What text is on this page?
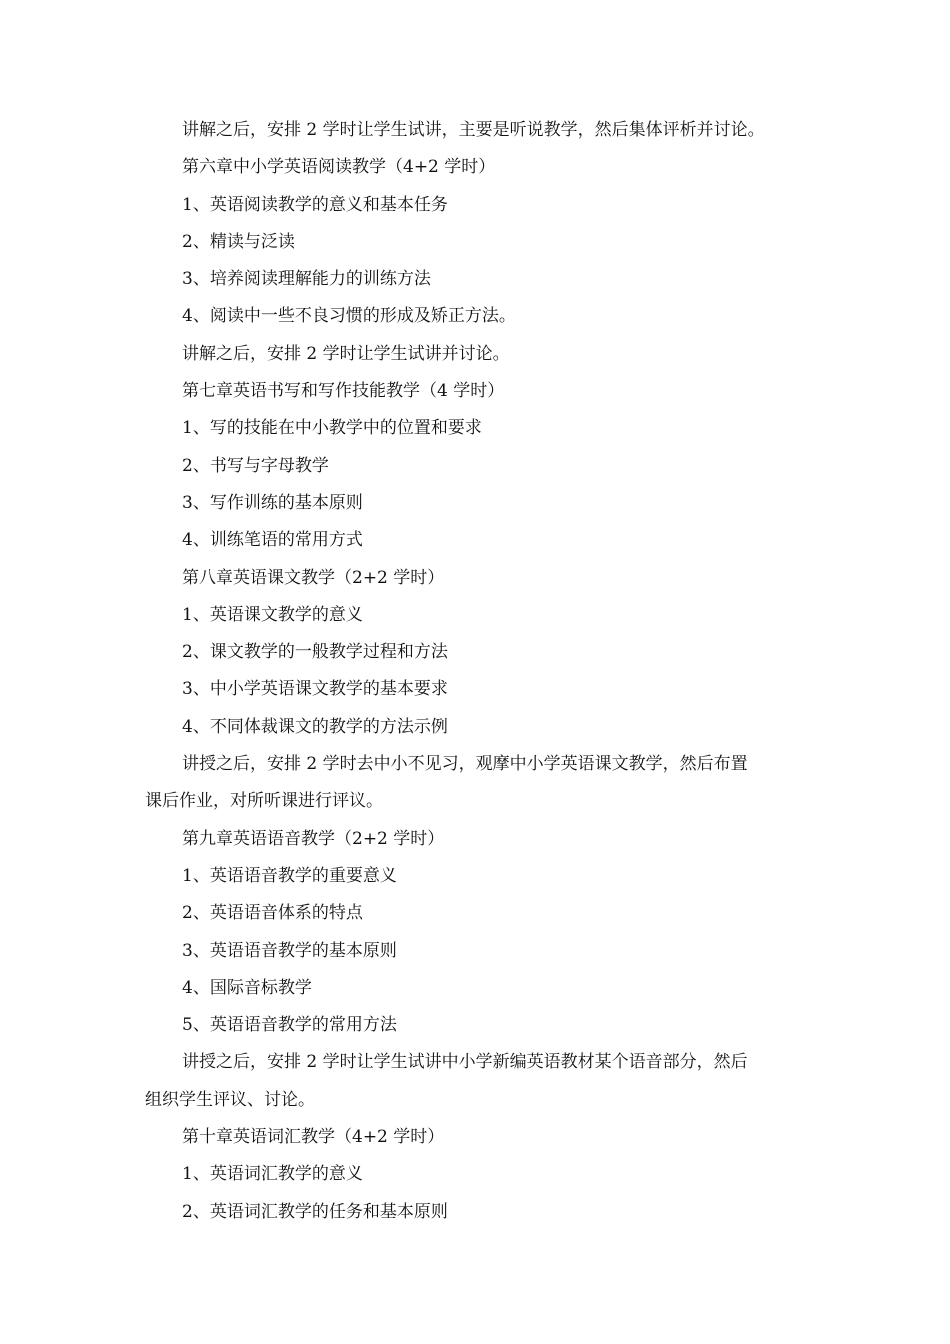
讲解之后，安排 2 学时让学生试讲，主要是听说教学，然后集体评析并讨论。
第六章中小学英语阅读教学（4+2 学时）
1、英语阅读教学的意义和基本任务
2、精读与泛读
3、培养阅读理解能力的训练方法
4、阅读中一些不良习惯的形成及矫正方法。
讲解之后，安排 2 学时让学生试讲并讨论。
第七章英语书写和写作技能教学（4 学时）
1、写的技能在中小教学中的位置和要求
2、书写与字母教学
3、写作训练的基本原则
4、训练笔语的常用方式
第八章英语课文教学（2+2 学时）
1、英语课文教学的意义
2、课文教学的一般教学过程和方法
3、中小学英语课文教学的基本要求
4、不同体裁课文的教学的方法示例
讲授之后，安排 2 学时去中小不见习，观摩中小学英语课文教学，然后布置
课后作业，对所听课进行评议。
第九章英语语音教学（2+2 学时）
1、英语语音教学的重要意义
2、英语语音体系的特点
3、英语语音教学的基本原则
4、国际音标教学
5、英语语音教学的常用方法
讲授之后，安排 2 学时让学生试讲中小学新编英语教材某个语音部分，然后
组织学生评议、讨论。
第十章英语词汇教学（4+2 学时）
1、英语词汇教学的意义
2、英语词汇教学的任务和基本原则
